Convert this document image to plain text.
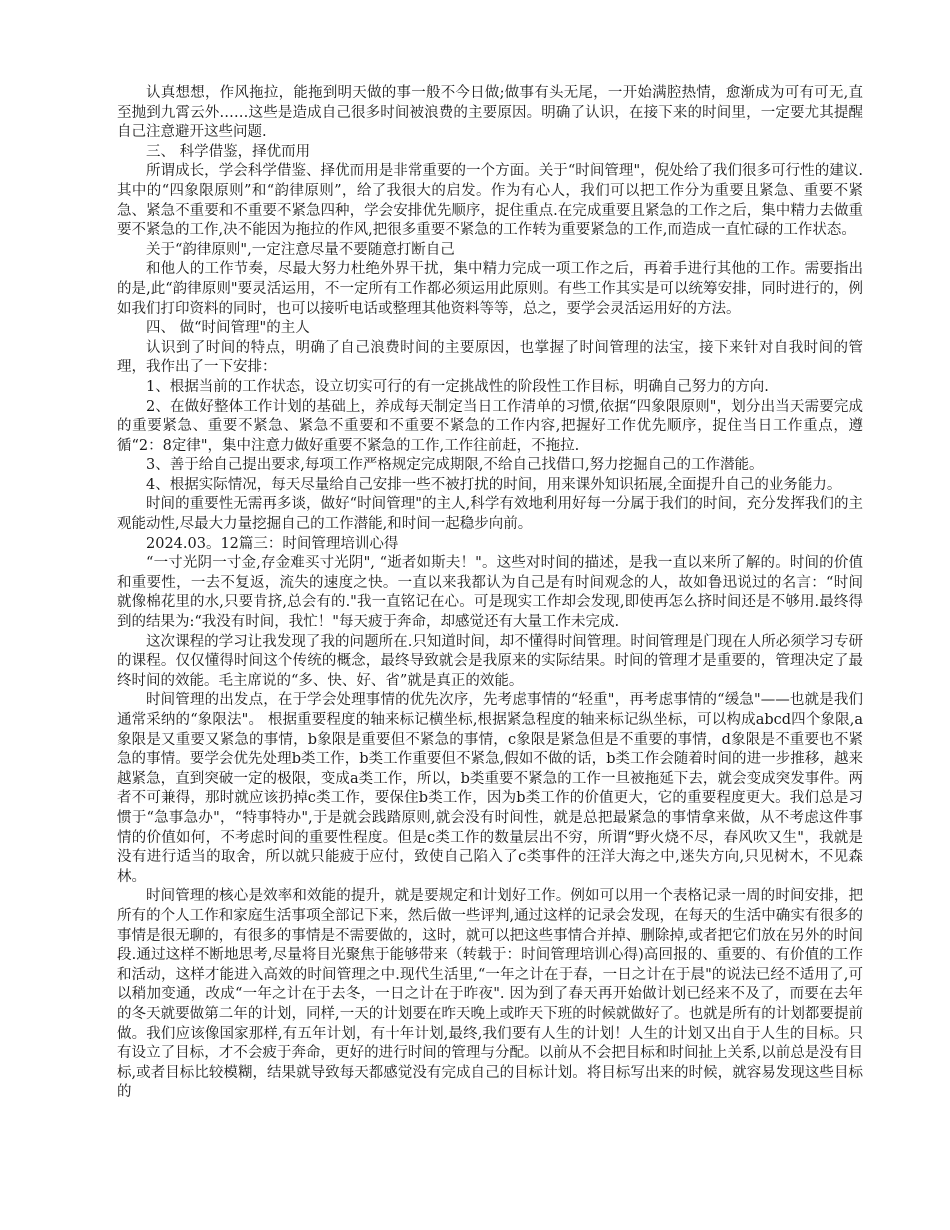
认真想想，作风拖拉，能拖到明天做的事一般不今日做;做事有头无尾，一开始满腔热情，愈渐成为可有可无,直至抛到九霄云外……这些是造成自己很多时间被浪费的主要原因。明确了认识，在接下来的时间里，一定要尤其提醒自己注意避开这些问题.

三、 科学借鉴，择优而用

所谓成长，学会科学借鉴、择优而用是非常重要的一个方面。关于“时间管理"，倪处给了我们很多可行性的建议.其中的“四象限原则”和“韵律原则”，给了我很大的启发。作为有心人，我们可以把工作分为重要且紧急、重要不紧急、紧急不重要和不重要不紧急四种，学会安排优先顺序，捉住重点.在完成重要且紧急的工作之后，集中精力去做重要不紧急的工作,决不能因为拖拉的作风,把很多重要不紧急的工作转为重要紧急的工作,而造成一直忙碌的工作状态。

关于“韵律原则",一定注意尽量不要随意打断自己

和他人的工作节奏，尽最大努力杜绝外界干扰，集中精力完成一项工作之后，再着手进行其他的工作。需要指出的是,此“韵律原则"要灵活运用，不一定所有工作都必须运用此原则。有些工作其实是可以统筹安排，同时进行的，例如我们打印资料的同时，也可以接听电话或整理其他资料等等，总之，要学会灵活运用好的方法。

四、 做“时间管理"的主人

认识到了时间的特点，明确了自己浪费时间的主要原因，也掌握了时间管理的法宝，接下来针对自我时间的管理，我作出了一下安排：

1、根据当前的工作状态，设立切实可行的有一定挑战性的阶段性工作目标，明确自己努力的方向.

2、在做好整体工作计划的基础上，养成每天制定当日工作清单的习惯,依据“四象限原则"，划分出当天需要完成的重要紧急、重要不紧急、紧急不重要和不重要不紧急的工作内容,把握好工作优先顺序，捉住当日工作重点，遵循“2：8定律"，集中注意力做好重要不紧急的工作,工作往前赶，不拖拉.

3、善于给自己提出要求,每项工作严格规定完成期限,不给自己找借口,努力挖掘自己的工作潜能。

4、根据实际情况，每天尽量给自己安排一些不被打扰的时间，用来课外知识拓展,全面提升自己的业务能力。

时间的重要性无需再多谈，做好“时间管理"的主人,科学有效地利用好每一分属于我们的时间，充分发挥我们的主观能动性,尽最大力量挖掘自己的工作潜能,和时间一起稳步向前。

2024.03。12篇三：时间管理培训心得

“一寸光阴一寸金,存金难买寸光阴", “逝者如斯夫！"。这些对时间的描述，是我一直以来所了解的。时间的价值和重要性，一去不复返，流失的速度之快。一直以来我都认为自己是有时间观念的人，故如鲁迅说过的名言：“时间就像棉花里的水,只要肯挤,总会有的."我一直铭记在心。可是现实工作却会发现,即使再怎么挤时间还是不够用.最终得到的结果为:“我没有时间，我忙！"每天疲于奔命，却感觉还有大量工作未完成.

这次课程的学习让我发现了我的问题所在.只知道时间，却不懂得时间管理。时间管理是门现在人所必须学习专研的课程。仅仅懂得时间这个传统的概念，最终导致就会是我原来的实际结果。时间的管理才是重要的，管理决定了最终时间的效能。毛主席说的“多、快、好、省”就是真正的效能。

时间管理的出发点，在于学会处理事情的优先次序，先考虑事情的“轻重"，再考虑事情的“缓急"——也就是我们通常采纳的“象限法"。 根据重要程度的轴来标记横坐标,根据紧急程度的轴来标记纵坐标，可以构成abcd四个象限,a象限是又重要又紧急的事情，b象限是重要但不紧急的事情，c象限是紧急但是不重要的事情，d象限是不重要也不紧急的事情。要学会优先处理b类工作，b类工作重要但不紧急,假如不做的话，b类工作会随着时间的进一步推移，越来越紧急，直到突破一定的极限，变成a类工作，所以，b类重要不紧急的工作一旦被拖延下去，就会变成突发事件。两者不可兼得，那时就应该扔掉c类工作，要保住b类工作，因为b类工作的价值更大，它的重要程度更大。我们总是习惯于“急事急办"，“特事特办",于是就会践踏原则,就会没有时间性，就是总把最紧急的事情拿来做，从不考虑这件事情的价值如何，不考虑时间的重要性程度。但是c类工作的数量层出不穷，所谓“野火烧不尽，春风吹又生"，我就是没有进行适当的取舍，所以就只能疲于应付，致使自己陷入了c类事件的汪洋大海之中,迷失方向,只见树木，不见森林。

时间管理的核心是效率和效能的提升，就是要规定和计划好工作。例如可以用一个表格记录一周的时间安排，把所有的个人工作和家庭生活事项全部记下来，然后做一些评判,通过这样的记录会发现，在每天的生活中确实有很多的事情是很无聊的，有很多的事情是不需要做的，这时，就可以把这些事情合并掉、删除掉,或者把它们放在另外的时间段.通过这样不断地思考,尽量将目光聚焦于能够带来（转载于：时间管理培训心得)高回报的、重要的、有价值的工作和活动，这样才能进入高效的时间管理之中.现代生活里,“一年之计在于春，一日之计在于晨"的说法已经不适用了,可以稍加变通，改成“一年之计在于去冬，一日之计在于昨夜". 因为到了春天再开始做计划已经来不及了，而要在去年的冬天就要做第二年的计划，同样,一天的计划要在昨天晚上或昨天下班的时候就做好了。也就是所有的计划都要提前做。我们应该像国家那样,有五年计划，有十年计划,最终,我们要有人生的计划！人生的计划又出自于人生的目标。只有设立了目标，才不会疲于奔命，更好的进行时间的管理与分配。以前从不会把目标和时间扯上关系,以前总是没有目标,或者目标比较模糊，结果就导致每天都感觉没有完成自己的目标计划。将目标写出来的时候，就容易发现这些目标的
